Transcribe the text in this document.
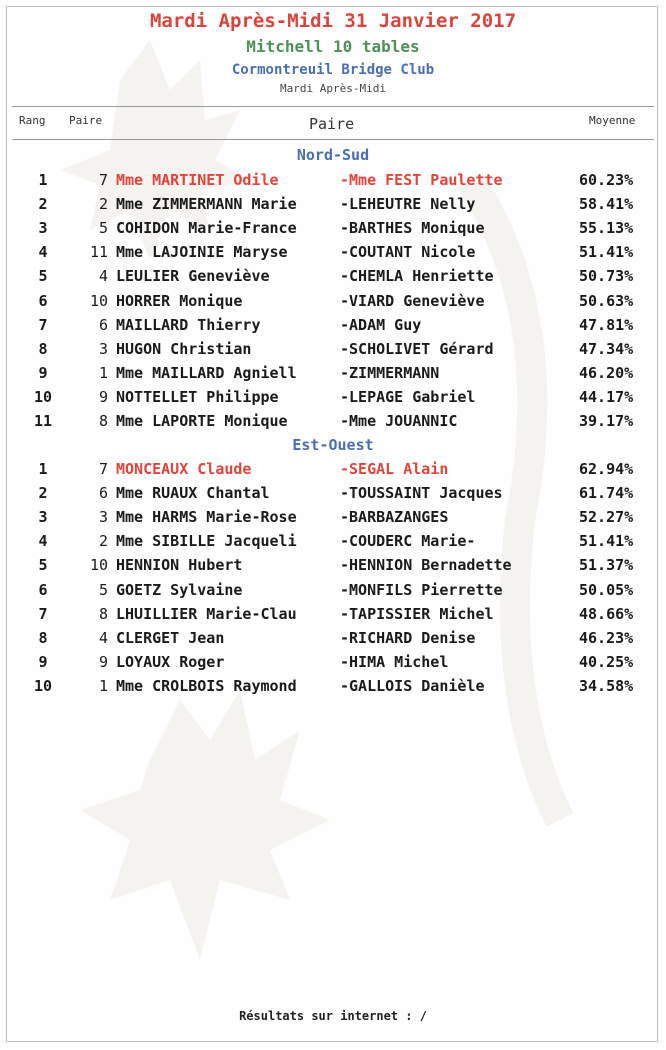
Mardi Après-Midi 31 Janvier 2017
Mitchell 10 tables
Cormontreuil Bridge Club
Mardi Après-Midi
Rang Paire	Paire	Moyenne
Nord-Sud
1	7 Mme MARTINET Odile	-Mme FEST Paulette	60.23%
2	2 Mme ZIMMERMANN Marie	-LEHEUTRE Nelly	58.41%
3	5 COHIDON Marie-France	-BARTHES Monique	55.13%
4	11 Mme LAJOINIE Maryse	-COUTANT Nicole	51.41%
5	4 LEULIER Geneviève	-CHEMLA Henriette	50.73%
6	10 HORRER Monique	-VIARD Geneviève	50.63%
7	6 MAILLARD Thierry	-ADAM Guy	47.81%
8	3 HUGON Christian	-SCHOLIVET Gérard	47.34%
9	1 Mme MAILLARD Agniell	-ZIMMERMANN	46.20%
10	9 NOTTELLET Philippe	-LEPAGE Gabriel	44.17%
11	8 Mme LAPORTE Monique	-Mme JOUANNIC	39.17%
Est-Ouest
1	7 MONCEAUX Claude	-SEGAL Alain	62.94%
2	6 Mme RUAUX Chantal	-TOUSSAINT Jacques	61.74%
3	3 Mme HARMS Marie-Rose	-BARBAZANGES	52.27%
4	2 Mme SIBILLE Jacqueli	-COUDERC Marie-	51.41%
5	10 HENNION Hubert	-HENNION Bernadette	51.37%
6	5 GOETZ Sylvaine	-MONFILS Pierrette	50.05%
7	8 LHUILLIER Marie-Clau	-TAPISSIER Michel	48.66%
8	4 CLERGET Jean	-RICHARD Denise	46.23%
9	9 LOYAUX Roger	-HIMA Michel	40.25%
10	1 Mme CROLBOIS Raymond	-GALLOIS Danièle	34.58%
Résultats sur internet : /
